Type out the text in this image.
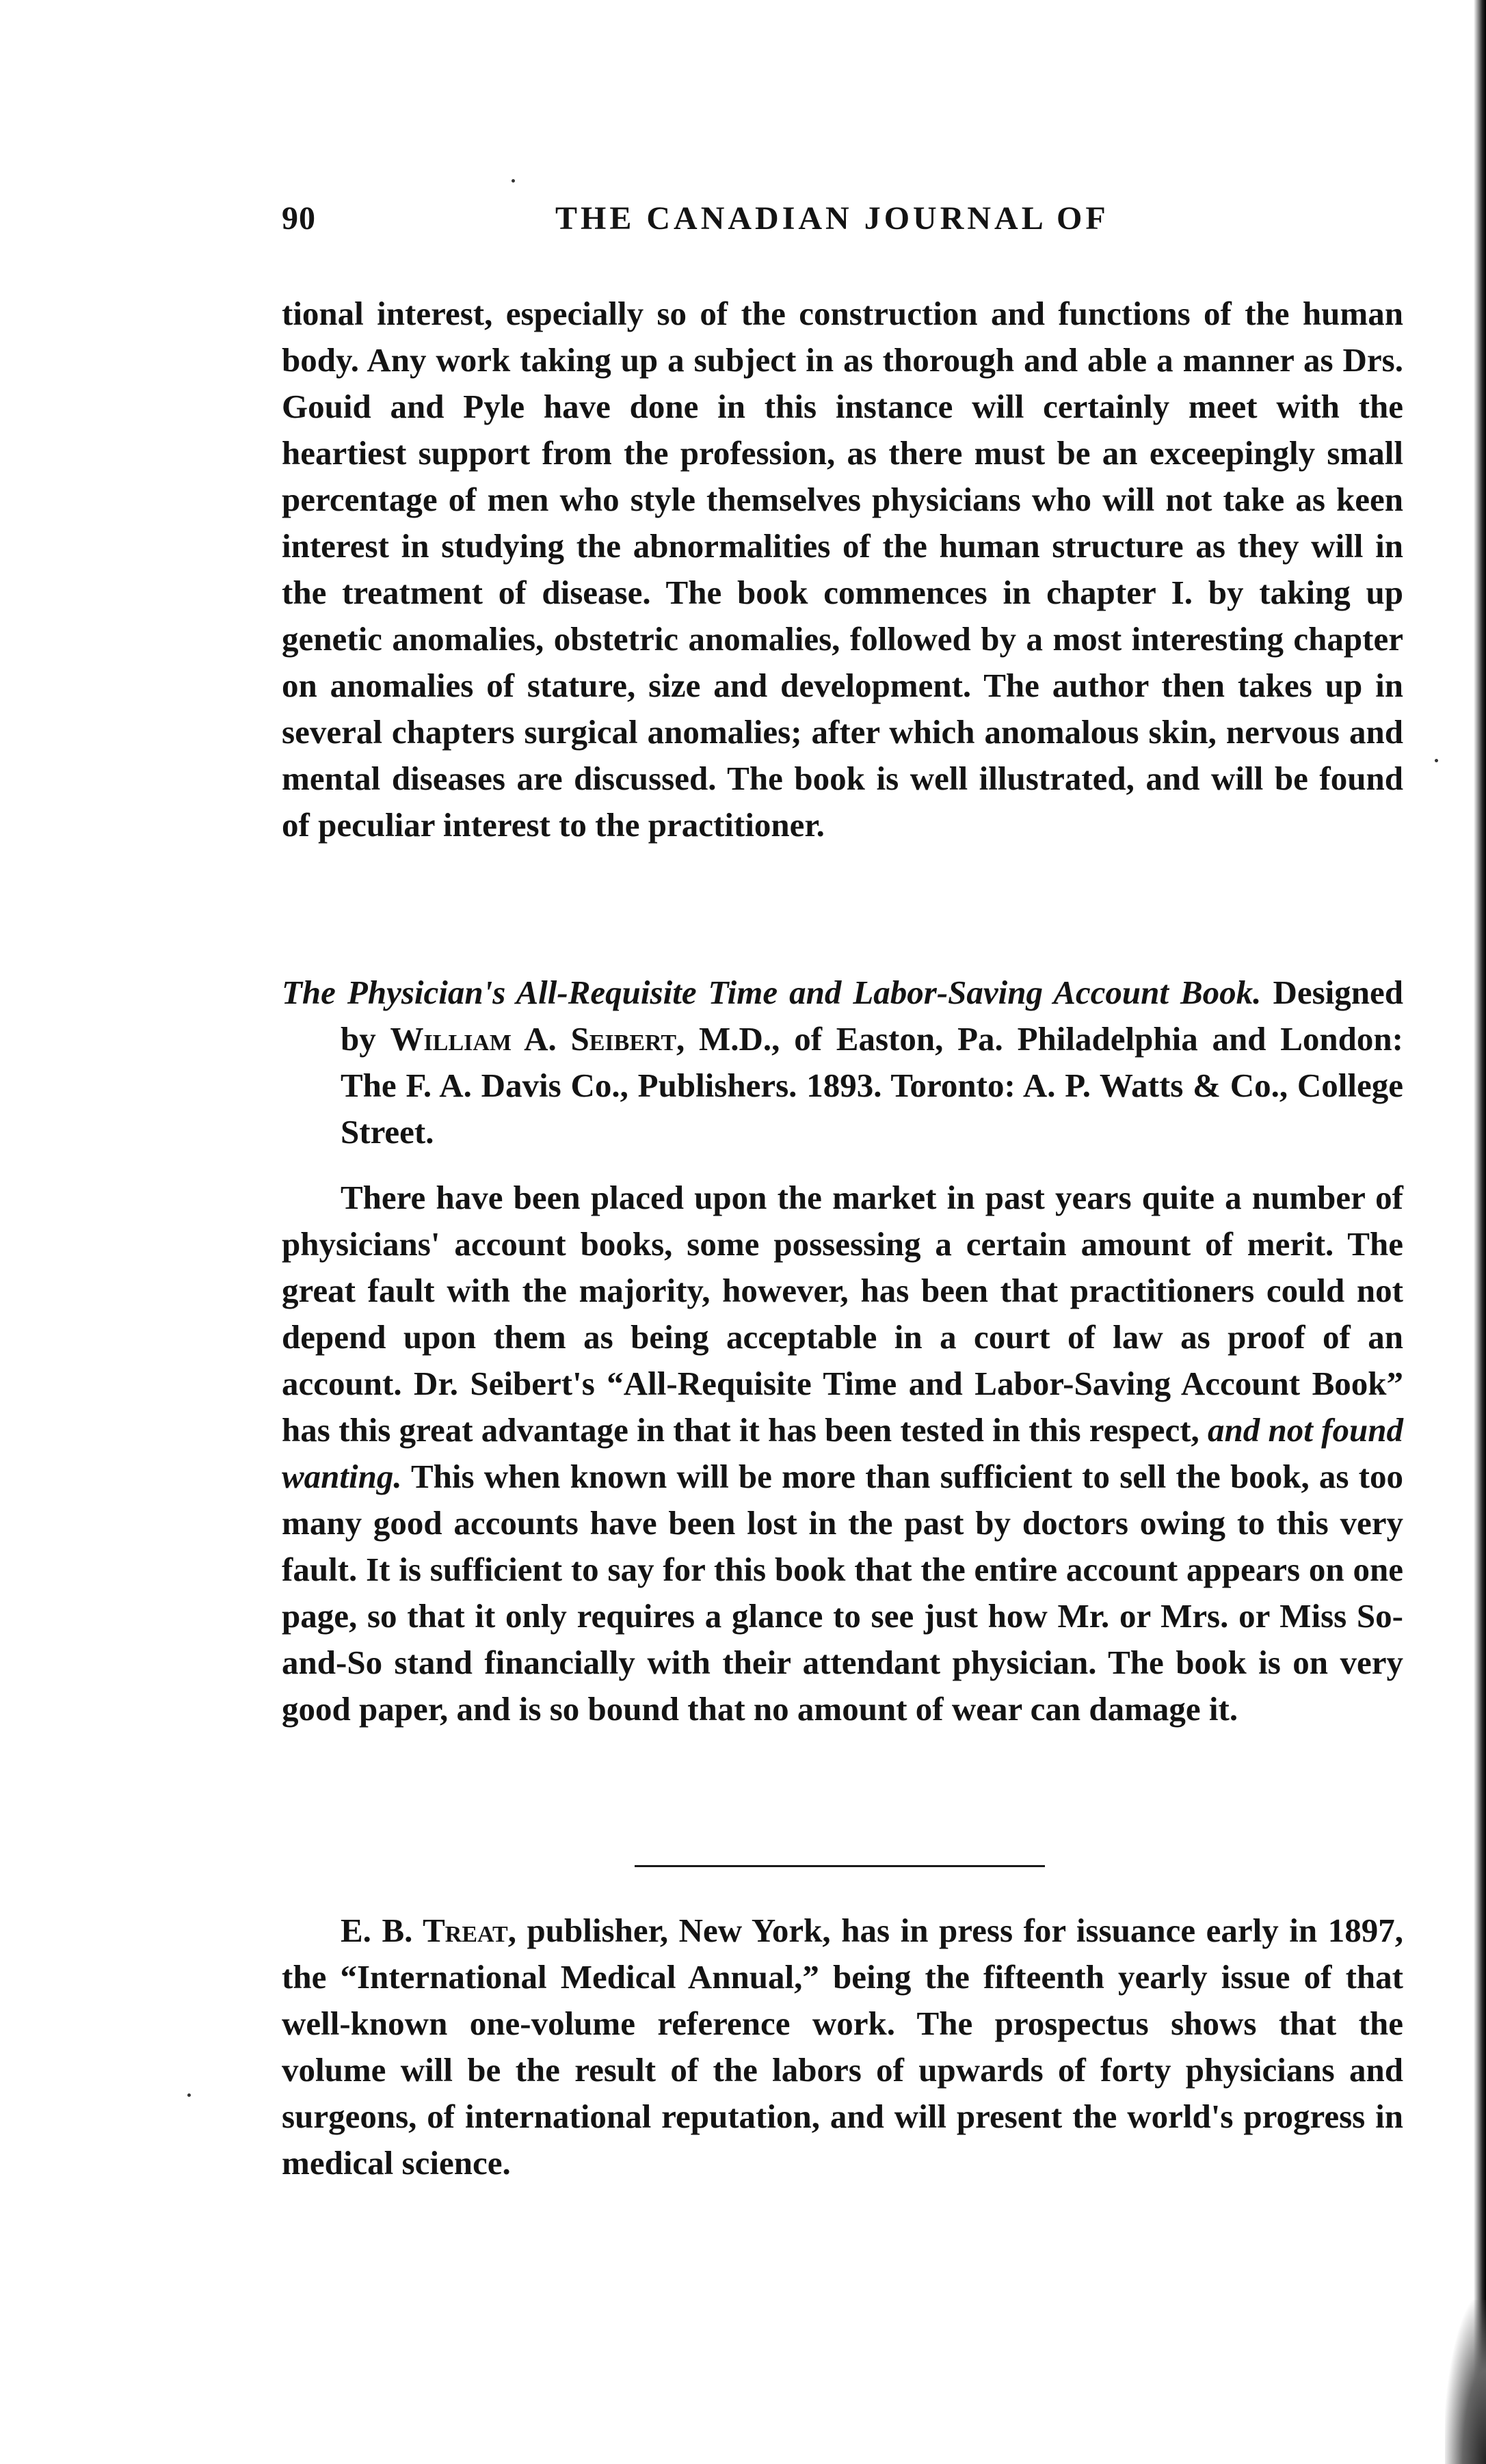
90	THE CANADIAN JOURNAL OF

tional interest, especially so of the construction and functions of the human body. Any work taking up a subject in as thorough and able a manner as Drs. Gouid and Pyle have done in this instance will certainly meet with the heartiest support from the profession, as there must be an exceepingly small percentage of men who style themselves physicians who will not take as keen interest in studying the abnormalities of the human structure as they will in the treatment of disease. The book commences in chapter I. by taking up genetic anomalies, obstetric anomalies, followed by a most interesting chapter on anomalies of stature, size and development. The author then takes up in several chapters surgical anomalies; after which anomalous skin, nervous and mental diseases are discussed. The book is well illustrated, and will be found of peculiar interest to the practitioner.

The Physician's All-Requisite Time and Labor-Saving Account Book. Designed by William A. Seibert, M.D., of Easton, Pa. Philadelphia and London: The F. A. Davis Co., Publishers. 1893. Toronto: A. P. Watts & Co., College Street.

There have been placed upon the market in past years quite a number of physicians' account books, some possessing a certain amount of merit. The great fault with the majority, however, has been that practitioners could not depend upon them as being acceptable in a court of law as proof of an account. Dr. Seibert's “All-Requisite Time and Labor-Saving Account Book” has this great advantage in that it has been tested in this respect, and not found wanting. This when known will be more than sufficient to sell the book, as too many good accounts have been lost in the past by doctors owing to this very fault. It is sufficient to say for this book that the entire account appears on one page, so that it only requires a glance to see just how Mr. or Mrs. or Miss So-and-So stand financially with their attendant physician. The book is on very good paper, and is so bound that no amount of wear can damage it.

E. B. Treat, publisher, New York, has in press for issuance early in 1897, the “International Medical Annual,” being the fifteenth yearly issue of that well-known one-volume reference work. The prospectus shows that the volume will be the result of the labors of upwards of forty physicians and surgeons, of international reputation, and will present the world's progress in medical science.
